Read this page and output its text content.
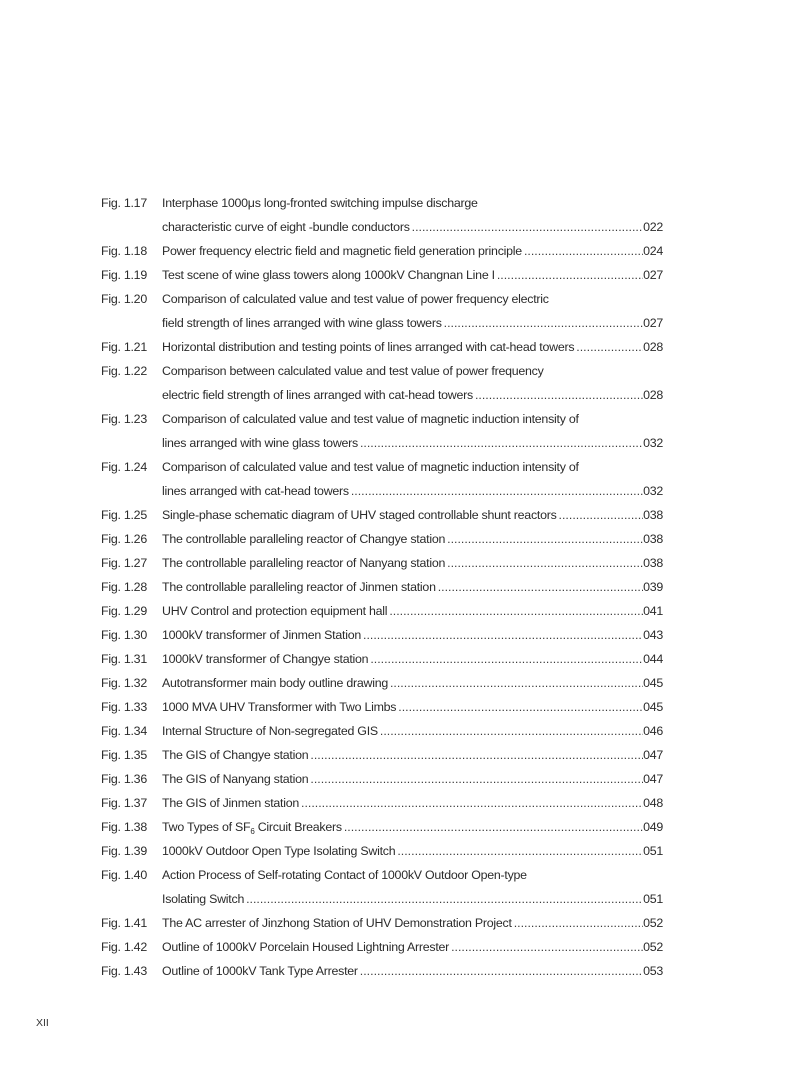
Fig. 1.17	Interphase 1000μs long-fronted switching impulse discharge
characteristic curve of eight -bundle conductors .....	022
Fig. 1.18	Power frequency electric field and magnetic field generation principle .....	024
Fig. 1.19	Test scene of wine glass towers along 1000kV Changnan Line I .....	027
Fig. 1.20	Comparison of calculated value and test value of power frequency electric
field strength of lines arranged with wine glass towers .....	027
Fig. 1.21	Horizontal distribution and testing points of lines arranged with cat-head towers .....	028
Fig. 1.22	Comparison between calculated value and test value of power frequency
electric field strength of lines arranged with cat-head towers .....	028
Fig. 1.23	Comparison of calculated value and test value of magnetic induction intensity of
lines arranged with wine glass towers .....	032
Fig. 1.24	Comparison of calculated value and test value of magnetic induction intensity of
lines arranged with cat-head towers .....	032
Fig. 1.25	Single-phase schematic diagram of UHV staged controllable shunt reactors .....	038
Fig. 1.26	The controllable paralleling reactor of Changye station .....	038
Fig. 1.27	The controllable paralleling reactor of Nanyang station .....	038
Fig. 1.28	The controllable paralleling reactor of Jinmen station .....	039
Fig. 1.29	UHV Control and protection equipment hall .....	041
Fig. 1.30	1000kV transformer of Jinmen Station .....	043
Fig. 1.31	1000kV transformer of Changye station .....	044
Fig. 1.32	Autotransformer main body outline drawing .....	045
Fig. 1.33	1000 MVA UHV Transformer with Two Limbs .....	045
Fig. 1.34	Internal Structure of Non-segregated GIS .....	046
Fig. 1.35	The GIS of Changye station .....	047
Fig. 1.36	The GIS of Nanyang station .....	047
Fig. 1.37	The GIS of Jinmen station .....	048
Fig. 1.38	Two Types of $SF_6$ Circuit Breakers .....	049
Fig. 1.39	1000kV Outdoor Open Type Isolating Switch .....	051
Fig. 1.40	Action Process of Self-rotating Contact of 1000kV Outdoor Open-type
Isolating Switch .....	051
Fig. 1.41	The AC arrester of Jinzhong Station of UHV Demonstration Project .....	052
Fig. 1.42	Outline of 1000kV Porcelain Housed Lightning Arrester .....	052
Fig. 1.43	Outline of 1000kV Tank Type Arrester .....	053
XII
